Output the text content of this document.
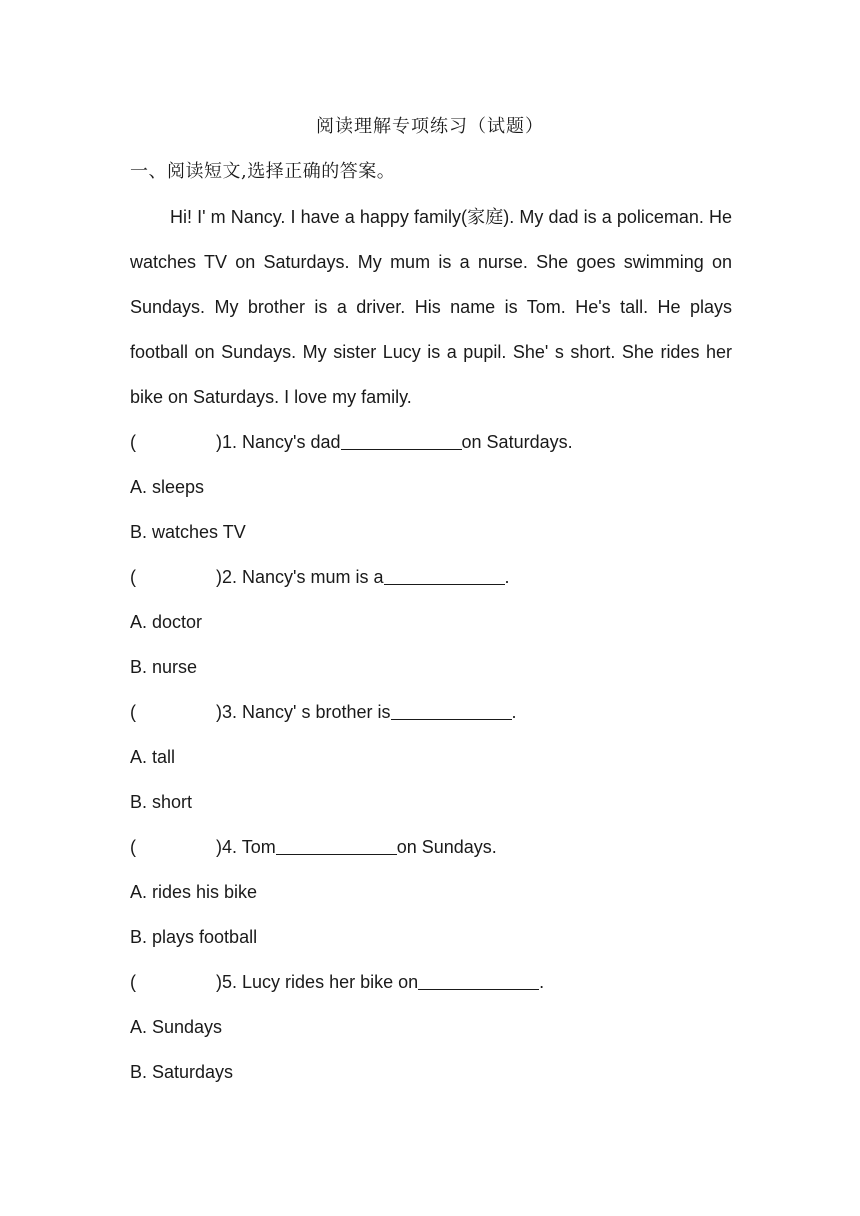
阅读理解专项练习（试题）
一、阅读短文,选择正确的答案。

Hi! I' m Nancy. I have a happy family(家庭). My dad is a policeman. He watches TV on Saturdays. My mum is a nurse. She goes swimming on Sundays. My brother is a driver. His name is Tom. He's tall. He plays football on Sundays. My sister Lucy is a pupil. She' s short. She rides her bike on Saturdays. I love my family.

(	)1. Nancy's dad	on Saturdays.
A. sleeps
B. watches TV
(	)2. Nancy's mum is a	.
A. doctor
B. nurse
(	)3. Nancy' s brother is	.
A. tall
B. short
(	)4. Tom	on Sundays.
A. rides his bike
B. plays football
(	)5. Lucy rides her bike on	.
A. Sundays
B. Saturdays
